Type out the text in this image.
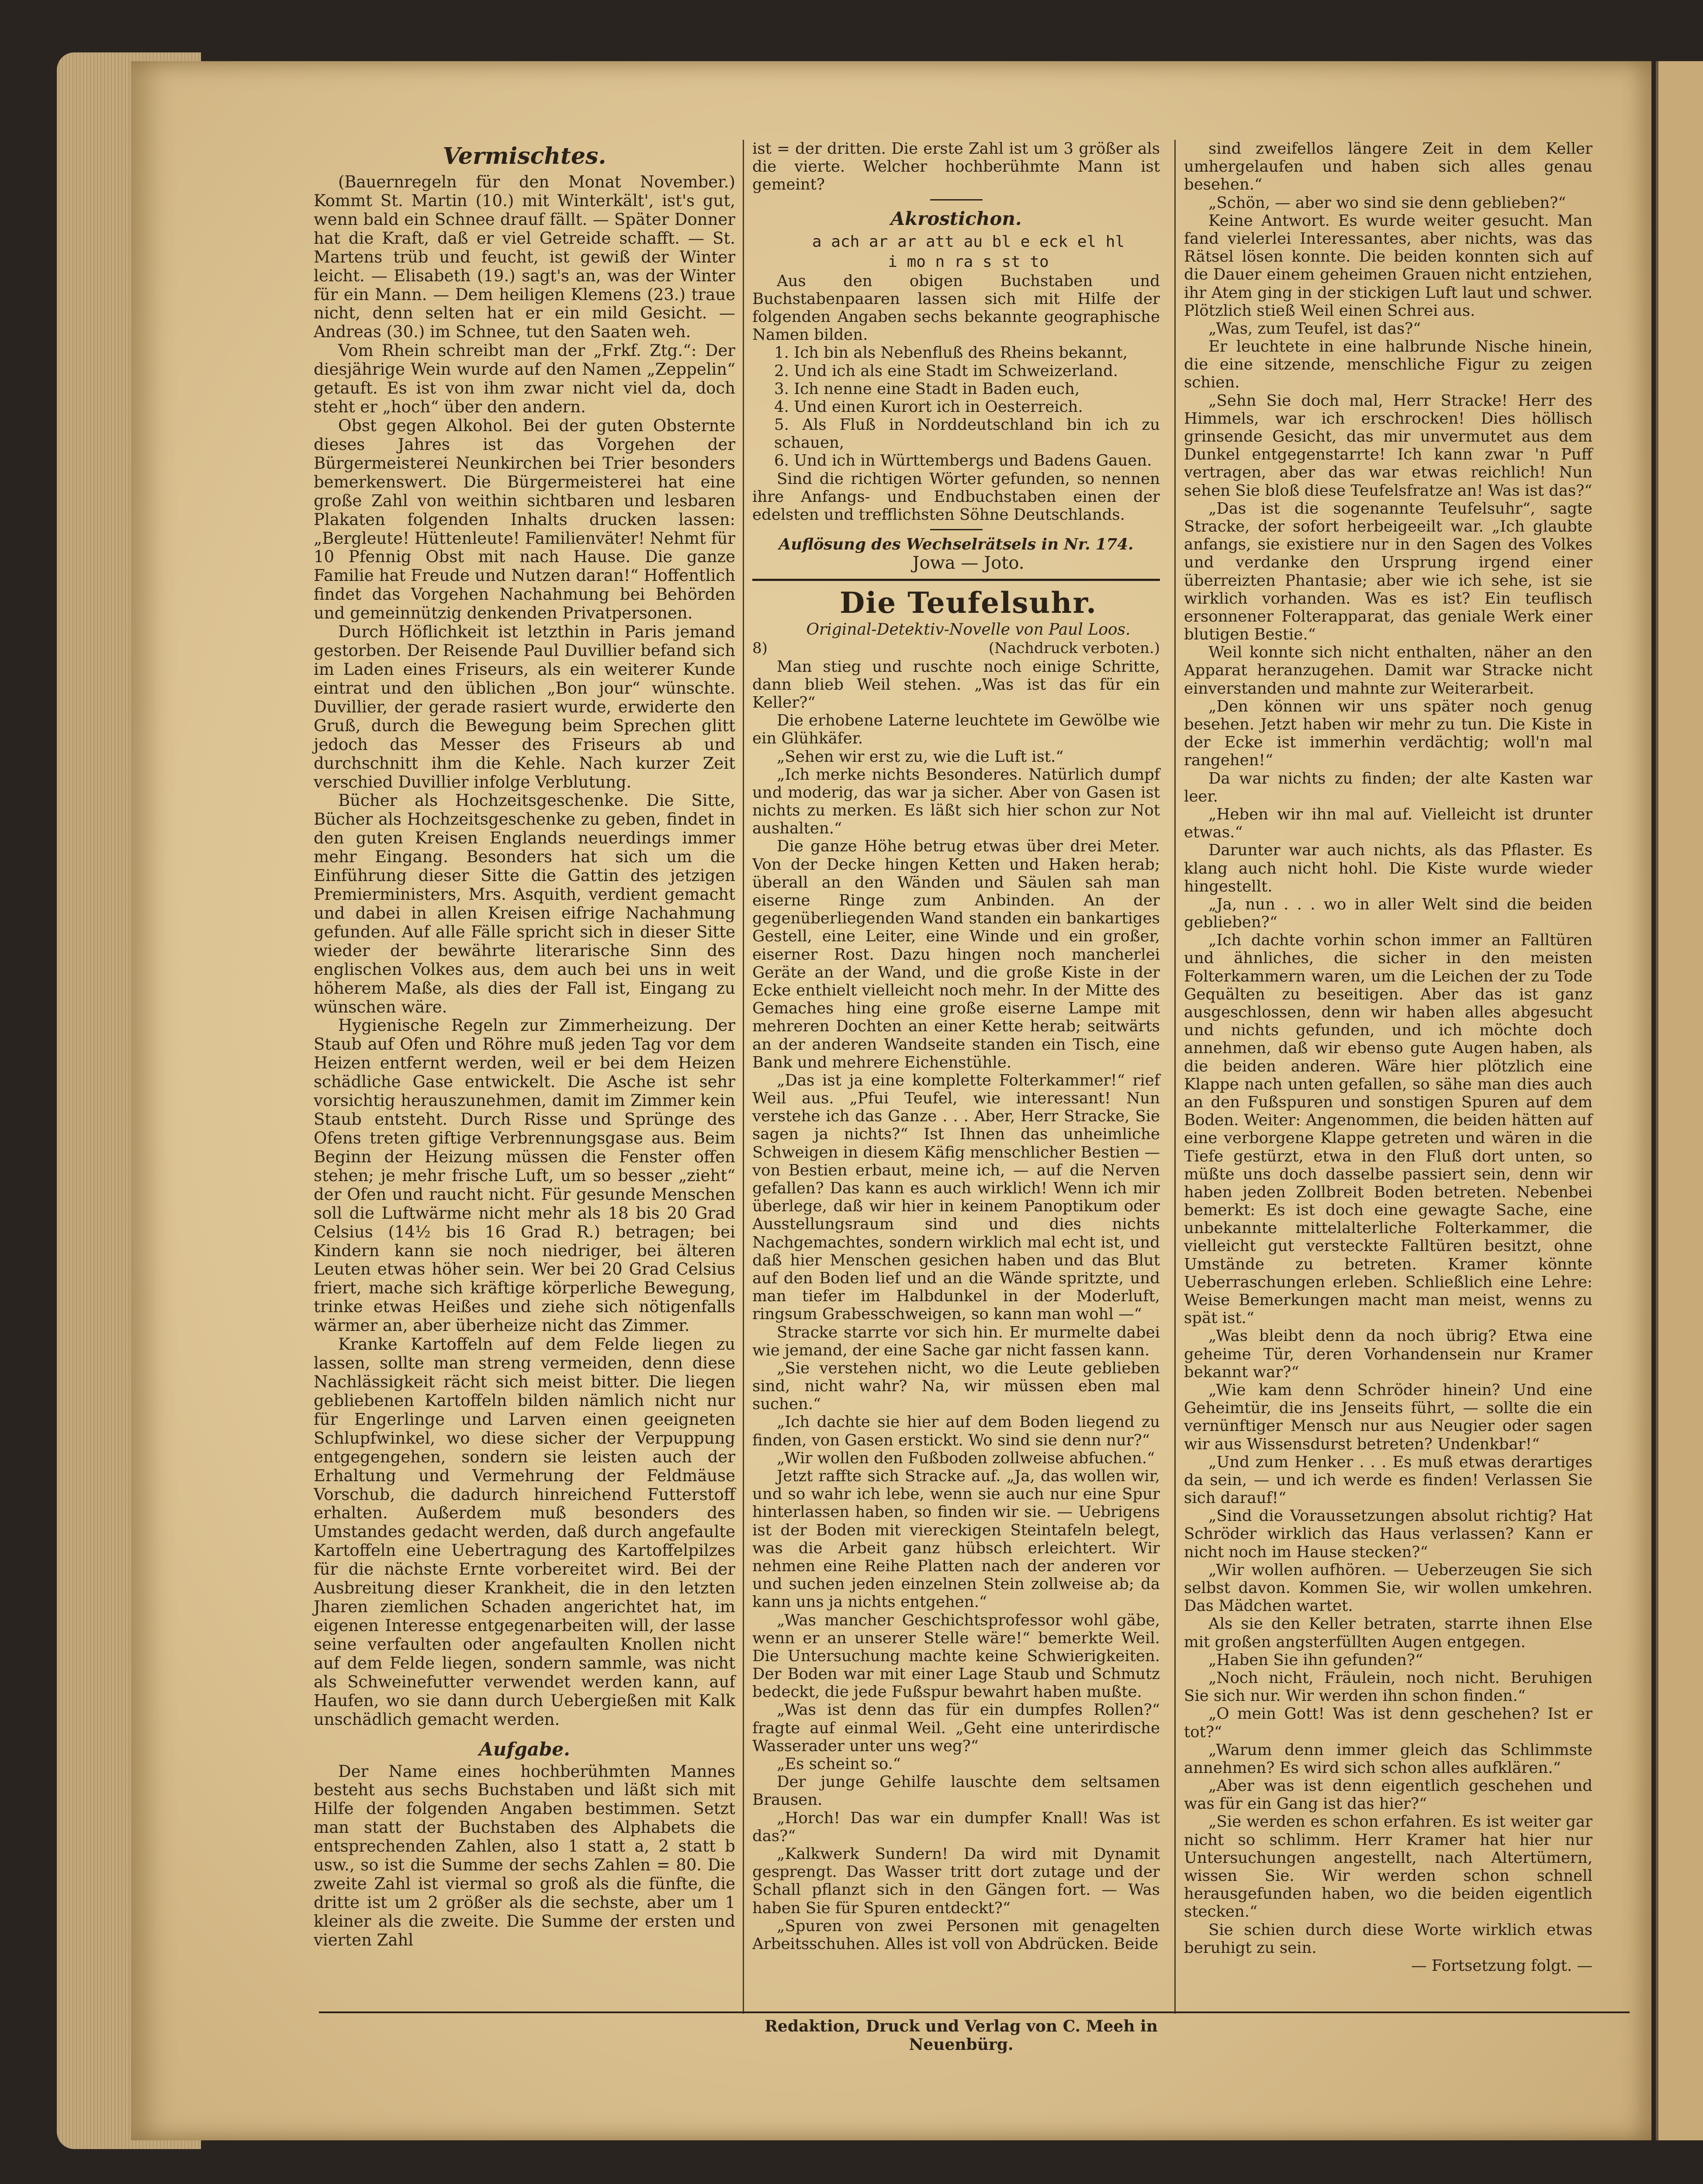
Vermischtes.

(Bauernregeln für den Monat November.) Kommt St. Martin (10.) mit Winterkält', ist's gut, wenn bald ein Schnee drauf fällt. — Später Donner hat die Kraft, daß er viel Getreide schafft. — St. Martens trüb und feucht, ist gewiß der Winter leicht. — Elisabeth (19.) sagt's an, was der Winter für ein Mann. — Dem heiligen Klemens (23.) traue nicht, denn selten hat er ein mild Gesicht. — Andreas (30.) im Schnee, tut den Saaten weh.

Vom Rhein schreibt man der „Frkf. Ztg.“: Der diesjährige Wein wurde auf den Namen „Zeppelin“ getauft. Es ist von ihm zwar nicht viel da, doch steht er „hoch“ über den andern.

Obst gegen Alkohol. Bei der guten Obsternte dieses Jahres ist das Vorgehen der Bürgermeisterei Neunkirchen bei Trier besonders bemerkenswert. Die Bürgermeisterei hat eine große Zahl von weithin sichtbaren und lesbaren Plakaten folgenden Inhalts drucken lassen: „Bergleute! Hüttenleute! Familienväter! Nehmt für 10 Pfennig Obst mit nach Hause. Die ganze Familie hat Freude und Nutzen daran!“ Hoffentlich findet das Vorgehen Nachahmung bei Behörden und gemeinnützig denkenden Privatpersonen.

Durch Höflichkeit ist letzthin in Paris jemand gestorben. Der Reisende Paul Duvillier befand sich im Laden eines Friseurs, als ein weiterer Kunde eintrat und den üblichen „Bon jour“ wünschte. Duvillier, der gerade rasiert wurde, erwiderte den Gruß, durch die Bewegung beim Sprechen glitt jedoch das Messer des Friseurs ab und durchschnitt ihm die Kehle. Nach kurzer Zeit verschied Duvillier infolge Verblutung.

Bücher als Hochzeitsgeschenke. Die Sitte, Bücher als Hochzeitsgeschenke zu geben, findet in den guten Kreisen Englands neuerdings immer mehr Eingang. Besonders hat sich um die Einführung dieser Sitte die Gattin des jetzigen Premierministers, Mrs. Asquith, verdient gemacht und dabei in allen Kreisen eifrige Nachahmung gefunden. Auf alle Fälle spricht sich in dieser Sitte wieder der bewährte literarische Sinn des englischen Volkes aus, dem auch bei uns in weit höherem Maße, als dies der Fall ist, Eingang zu wünschen wäre.

Hygienische Regeln zur Zimmerheizung. Der Staub auf Ofen und Röhre muß jeden Tag vor dem Heizen entfernt werden, weil er bei dem Heizen schädliche Gase entwickelt. Die Asche ist sehr vorsichtig herauszunehmen, damit im Zimmer kein Staub entsteht. Durch Risse und Sprünge des Ofens treten giftige Verbrennungsgase aus. Beim Beginn der Heizung müssen die Fenster offen stehen; je mehr frische Luft, um so besser „zieht“ der Ofen und raucht nicht. Für gesunde Menschen soll die Luftwärme nicht mehr als 18 bis 20 Grad Celsius (14½ bis 16 Grad R.) betragen; bei Kindern kann sie noch niedriger, bei älteren Leuten etwas höher sein. Wer bei 20 Grad Celsius friert, mache sich kräftige körperliche Bewegung, trinke etwas Heißes und ziehe sich nötigenfalls wärmer an, aber überheize nicht das Zimmer.

Kranke Kartoffeln auf dem Felde liegen zu lassen, sollte man streng vermeiden, denn diese Nachlässigkeit rächt sich meist bitter. Die liegen gebliebenen Kartoffeln bilden nämlich nicht nur für Engerlinge und Larven einen geeigneten Schlupfwinkel, wo diese sicher der Verpuppung entgegengehen, sondern sie leisten auch der Erhaltung und Vermehrung der Feldmäuse Vorschub, die dadurch hinreichend Futterstoff erhalten. Außerdem muß besonders des Umstandes gedacht werden, daß durch angefaulte Kartoffeln eine Uebertragung des Kartoffelpilzes für die nächste Ernte vorbereitet wird. Bei der Ausbreitung dieser Krankheit, die in den letzten Jharen ziemlichen Schaden angerichtet hat, im eigenen Interesse entgegenarbeiten will, der lasse seine verfaulten oder angefaulten Knollen nicht auf dem Felde liegen, sondern sammle, was nicht als Schweinefutter verwendet werden kann, auf Haufen, wo sie dann durch Uebergießen mit Kalk unschädlich gemacht werden.

Aufgabe.

Der Name eines hochberühmten Mannes besteht aus sechs Buchstaben und läßt sich mit Hilfe der folgenden Angaben bestimmen. Setzt man statt der Buchstaben des Alphabets die entsprechenden Zahlen, also 1 statt a, 2 statt b usw., so ist die Summe der sechs Zahlen = 80. Die zweite Zahl ist viermal so groß als die fünfte, die dritte ist um 2 größer als die sechste, aber um 1 kleiner als die zweite. Die Summe der ersten und vierten Zahl

ist = der dritten. Die erste Zahl ist um 3 größer als die vierte. Welcher hochberühmte Mann ist gemeint?

Akrostichon.

a ach ar ar att au bl e eck el hl

i mo n ra s st to

Aus den obigen Buchstaben und Buchstabenpaaren lassen sich mit Hilfe der folgenden Angaben sechs bekannte geographische Namen bilden.

1. Ich bin als Nebenfluß des Rheins bekannt,

2. Und ich als eine Stadt im Schweizerland.

3. Ich nenne eine Stadt in Baden euch,

4. Und einen Kurort ich in Oesterreich.

5. Als Fluß in Norddeutschland bin ich zu schauen,

6. Und ich in Württembergs und Badens Gauen.

Sind die richtigen Wörter gefunden, so nennen ihre Anfangs- und Endbuchstaben einen der edelsten und trefflichsten Söhne Deutschlands.

Auflösung des Wechselrätsels in Nr. 174.

Jowa — Joto.

Die Teufelsuhr.

Original-Detektiv-Novelle von Paul Loos.

8)	(Nachdruck verboten.)

Man stieg und ruschte noch einige Schritte, dann blieb Weil stehen. „Was ist das für ein Keller?“

Die erhobene Laterne leuchtete im Gewölbe wie ein Glühkäfer.

„Sehen wir erst zu, wie die Luft ist.“

„Ich merke nichts Besonderes. Natürlich dumpf und moderig, das war ja sicher. Aber von Gasen ist nichts zu merken. Es läßt sich hier schon zur Not aushalten.“

Die ganze Höhe betrug etwas über drei Meter. Von der Decke hingen Ketten und Haken herab; überall an den Wänden und Säulen sah man eiserne Ringe zum Anbinden. An der gegenüberliegenden Wand standen ein bankartiges Gestell, eine Leiter, eine Winde und ein großer, eiserner Rost. Dazu hingen noch mancherlei Geräte an der Wand, und die große Kiste in der Ecke enthielt vielleicht noch mehr. In der Mitte des Gemaches hing eine große eiserne Lampe mit mehreren Dochten an einer Kette herab; seitwärts an der anderen Wandseite standen ein Tisch, eine Bank und mehrere Eichenstühle.

„Das ist ja eine komplette Folterkammer!“ rief Weil aus. „Pfui Teufel, wie interessant! Nun verstehe ich das Ganze . . . Aber, Herr Stracke, Sie sagen ja nichts?“ Ist Ihnen das unheimliche Schweigen in diesem Käfig menschlicher Bestien — von Bestien erbaut, meine ich, — auf die Nerven gefallen? Das kann es auch wirklich! Wenn ich mir überlege, daß wir hier in keinem Panoptikum oder Ausstellungsraum sind und dies nichts Nachgemachtes, sondern wirklich mal echt ist, und daß hier Menschen gesichen haben und das Blut auf den Boden lief und an die Wände spritzte, und man tiefer im Halbdunkel in der Moderluft, ringsum Grabesschweigen, so kann man wohl —“

Stracke starrte vor sich hin. Er murmelte dabei wie jemand, der eine Sache gar nicht fassen kann.

„Sie verstehen nicht, wo die Leute geblieben sind, nicht wahr? Na, wir müssen eben mal suchen.“

„Ich dachte sie hier auf dem Boden liegend zu finden, von Gasen erstickt. Wo sind sie denn nur?“

„Wir wollen den Fußboden zollweise abfuchen.“

Jetzt raffte sich Stracke auf. „Ja, das wollen wir, und so wahr ich lebe, wenn sie auch nur eine Spur hinterlassen haben, so finden wir sie. — Uebrigens ist der Boden mit viereckigen Steintafeln belegt, was die Arbeit ganz hübsch erleichtert. Wir nehmen eine Reihe Platten nach der anderen vor und suchen jeden einzelnen Stein zollweise ab; da kann uns ja nichts entgehen.“

„Was mancher Geschichtsprofessor wohl gäbe, wenn er an unserer Stelle wäre!“ bemerkte Weil. Die Untersuchung machte keine Schwierigkeiten. Der Boden war mit einer Lage Staub und Schmutz bedeckt, die jede Fußspur bewahrt haben mußte.

„Was ist denn das für ein dumpfes Rollen?“ fragte auf einmal Weil. „Geht eine unterirdische Wasserader unter uns weg?“

„Es scheint so.“

Der junge Gehilfe lauschte dem seltsamen Brausen.

„Horch! Das war ein dumpfer Knall! Was ist das?“

„Kalkwerk Sundern! Da wird mit Dynamit gesprengt. Das Wasser tritt dort zutage und der Schall pflanzt sich in den Gängen fort. — Was haben Sie für Spuren entdeckt?“

„Spuren von zwei Personen mit genagelten Arbeitsschuhen. Alles ist voll von Abdrücken. Beide

sind zweifellos längere Zeit in dem Keller umhergelaufen und haben sich alles genau besehen.“

„Schön, — aber wo sind sie denn geblieben?“

Keine Antwort. Es wurde weiter gesucht. Man fand vielerlei Interessantes, aber nichts, was das Rätsel lösen konnte. Die beiden konnten sich auf die Dauer einem geheimen Grauen nicht entziehen, ihr Atem ging in der stickigen Luft laut und schwer. Plötzlich stieß Weil einen Schrei aus.

„Was, zum Teufel, ist das?“

Er leuchtete in eine halbrunde Nische hinein, die eine sitzende, menschliche Figur zu zeigen schien.

„Sehn Sie doch mal, Herr Stracke! Herr des Himmels, war ich erschrocken! Dies höllisch grinsende Gesicht, das mir unvermutet aus dem Dunkel entgegenstarrte! Ich kann zwar 'n Puff vertragen, aber das war etwas reichlich! Nun sehen Sie bloß diese Teufelsfratze an! Was ist das?“

„Das ist die sogenannte Teufelsuhr“, sagte Stracke, der sofort herbeigeeilt war. „Ich glaubte anfangs, sie existiere nur in den Sagen des Volkes und verdanke den Ursprung irgend einer überreizten Phantasie; aber wie ich sehe, ist sie wirklich vorhanden. Was es ist? Ein teuflisch ersonnener Folterapparat, das geniale Werk einer blutigen Bestie.“

Weil konnte sich nicht enthalten, näher an den Apparat heranzugehen. Damit war Stracke nicht einverstanden und mahnte zur Weiterarbeit.

„Den können wir uns später noch genug besehen. Jetzt haben wir mehr zu tun. Die Kiste in der Ecke ist immerhin verdächtig; woll'n mal rangehen!“

Da war nichts zu finden; der alte Kasten war leer.

„Heben wir ihn mal auf. Vielleicht ist drunter etwas.“

Darunter war auch nichts, als das Pflaster. Es klang auch nicht hohl. Die Kiste wurde wieder hingestellt.

„Ja, nun . . . wo in aller Welt sind die beiden geblieben?“

„Ich dachte vorhin schon immer an Falltüren und ähnliches, die sicher in den meisten Folterkammern waren, um die Leichen der zu Tode Gequälten zu beseitigen. Aber das ist ganz ausgeschlossen, denn wir haben alles abgesucht und nichts gefunden, und ich möchte doch annehmen, daß wir ebenso gute Augen haben, als die beiden anderen. Wäre hier plötzlich eine Klappe nach unten gefallen, so sähe man dies auch an den Fußspuren und sonstigen Spuren auf dem Boden. Weiter: Angenommen, die beiden hätten auf eine verborgene Klappe getreten und wären in die Tiefe gestürzt, etwa in den Fluß dort unten, so müßte uns doch dasselbe passiert sein, denn wir haben jeden Zollbreit Boden betreten. Nebenbei bemerkt: Es ist doch eine gewagte Sache, eine unbekannte mittelalterliche Folterkammer, die vielleicht gut versteckte Falltüren besitzt, ohne Umstände zu betreten. Kramer könnte Ueberraschungen erleben. Schließlich eine Lehre: Weise Bemerkungen macht man meist, wenns zu spät ist.“

„Was bleibt denn da noch übrig? Etwa eine geheime Tür, deren Vorhandensein nur Kramer bekannt war?“

„Wie kam denn Schröder hinein? Und eine Geheimtür, die ins Jenseits führt, — sollte die ein vernünftiger Mensch nur aus Neugier oder sagen wir aus Wissensdurst betreten? Undenkbar!“

„Und zum Henker . . . Es muß etwas derartiges da sein, — und ich werde es finden! Verlassen Sie sich darauf!“

„Sind die Voraussetzungen absolut richtig? Hat Schröder wirklich das Haus verlassen? Kann er nicht noch im Hause stecken?“

„Wir wollen aufhören. — Ueberzeugen Sie sich selbst davon. Kommen Sie, wir wollen umkehren. Das Mädchen wartet.

Als sie den Keller betraten, starrte ihnen Else mit großen angsterfüllten Augen entgegen.

„Haben Sie ihn gefunden?“

„Noch nicht, Fräulein, noch nicht. Beruhigen Sie sich nur. Wir werden ihn schon finden.“

„O mein Gott! Was ist denn geschehen? Ist er tot?“

„Warum denn immer gleich das Schlimmste annehmen? Es wird sich schon alles aufklären.“

„Aber was ist denn eigentlich geschehen und was für ein Gang ist das hier?“

„Sie werden es schon erfahren. Es ist weiter gar nicht so schlimm. Herr Kramer hat hier nur Untersuchungen angestellt, nach Altertümern, wissen Sie. Wir werden schon schnell herausgefunden haben, wo die beiden eigentlich stecken.“

Sie schien durch diese Worte wirklich etwas beruhigt zu sein.

— Fortsetzung folgt. —

Redaktion, Druck und Verlag von C. Meeh in Neuenbürg.
